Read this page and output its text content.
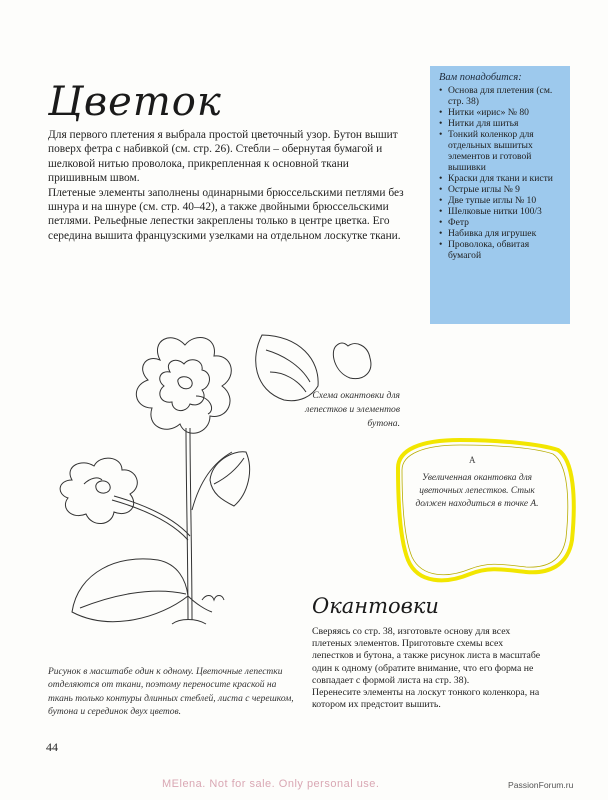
Цветок

Для первого плетения я выбрала простой цветочный узор. Бутон вышит поверх фетра с набивкой (см. стр. 26). Стебли – обернутая бумагой и шелковой нитью проволока, прикрепленная к основной ткани пришивным швом.

Плетеные элементы заполнены одинарными брюссельскими петлями без шнура и на шнуре (см. стр. 40–42), а также двойными брюссельскими петлями. Рельефные лепестки закреплены только в центре цветка. Его середина вышита французскими узелками на отдельном лоскутке ткани.

Вам понадобится:
• Основа для плетения (см. стр. 38)
• Нитки «ирис» № 80
• Нитки для шитья
• Тонкий коленкор для отдельных вышитых элементов и готовой вышивки
• Краски для ткани и кисти
• Острые иглы № 9
• Две тупые иглы № 10
• Шелковые нитки 100/3
• Фетр
• Набивка для игрушек
• Проволока, обвитая бумагой
Схема окантовки для лепестков и элементов бутона.
А
Увеличенная окантовка для цветочных лепестков. Стык должен находиться в точке А.
Рисунок в масштабе один к одному. Цветочные лепестки отделяются от ткани, поэтому переносите краской на ткань только контуры длинных стеблей, листа с черешком, бутона и серединок двух цветов.
Окантовки

Сверяясь со стр. 38, изготовьте основу для всех плетеных элементов. Приготовьте схемы всех лепестков и бутона, а также рисунок листа в масштабе один к одному (обратите внимание, что его форма не совпадает с формой листа на стр. 38).

Перенесите элементы на лоскут тонкого коленкора, на котором их предстоит вышить.

44
MElena. Not for sale. Only personal use.	PassionForum.ru
